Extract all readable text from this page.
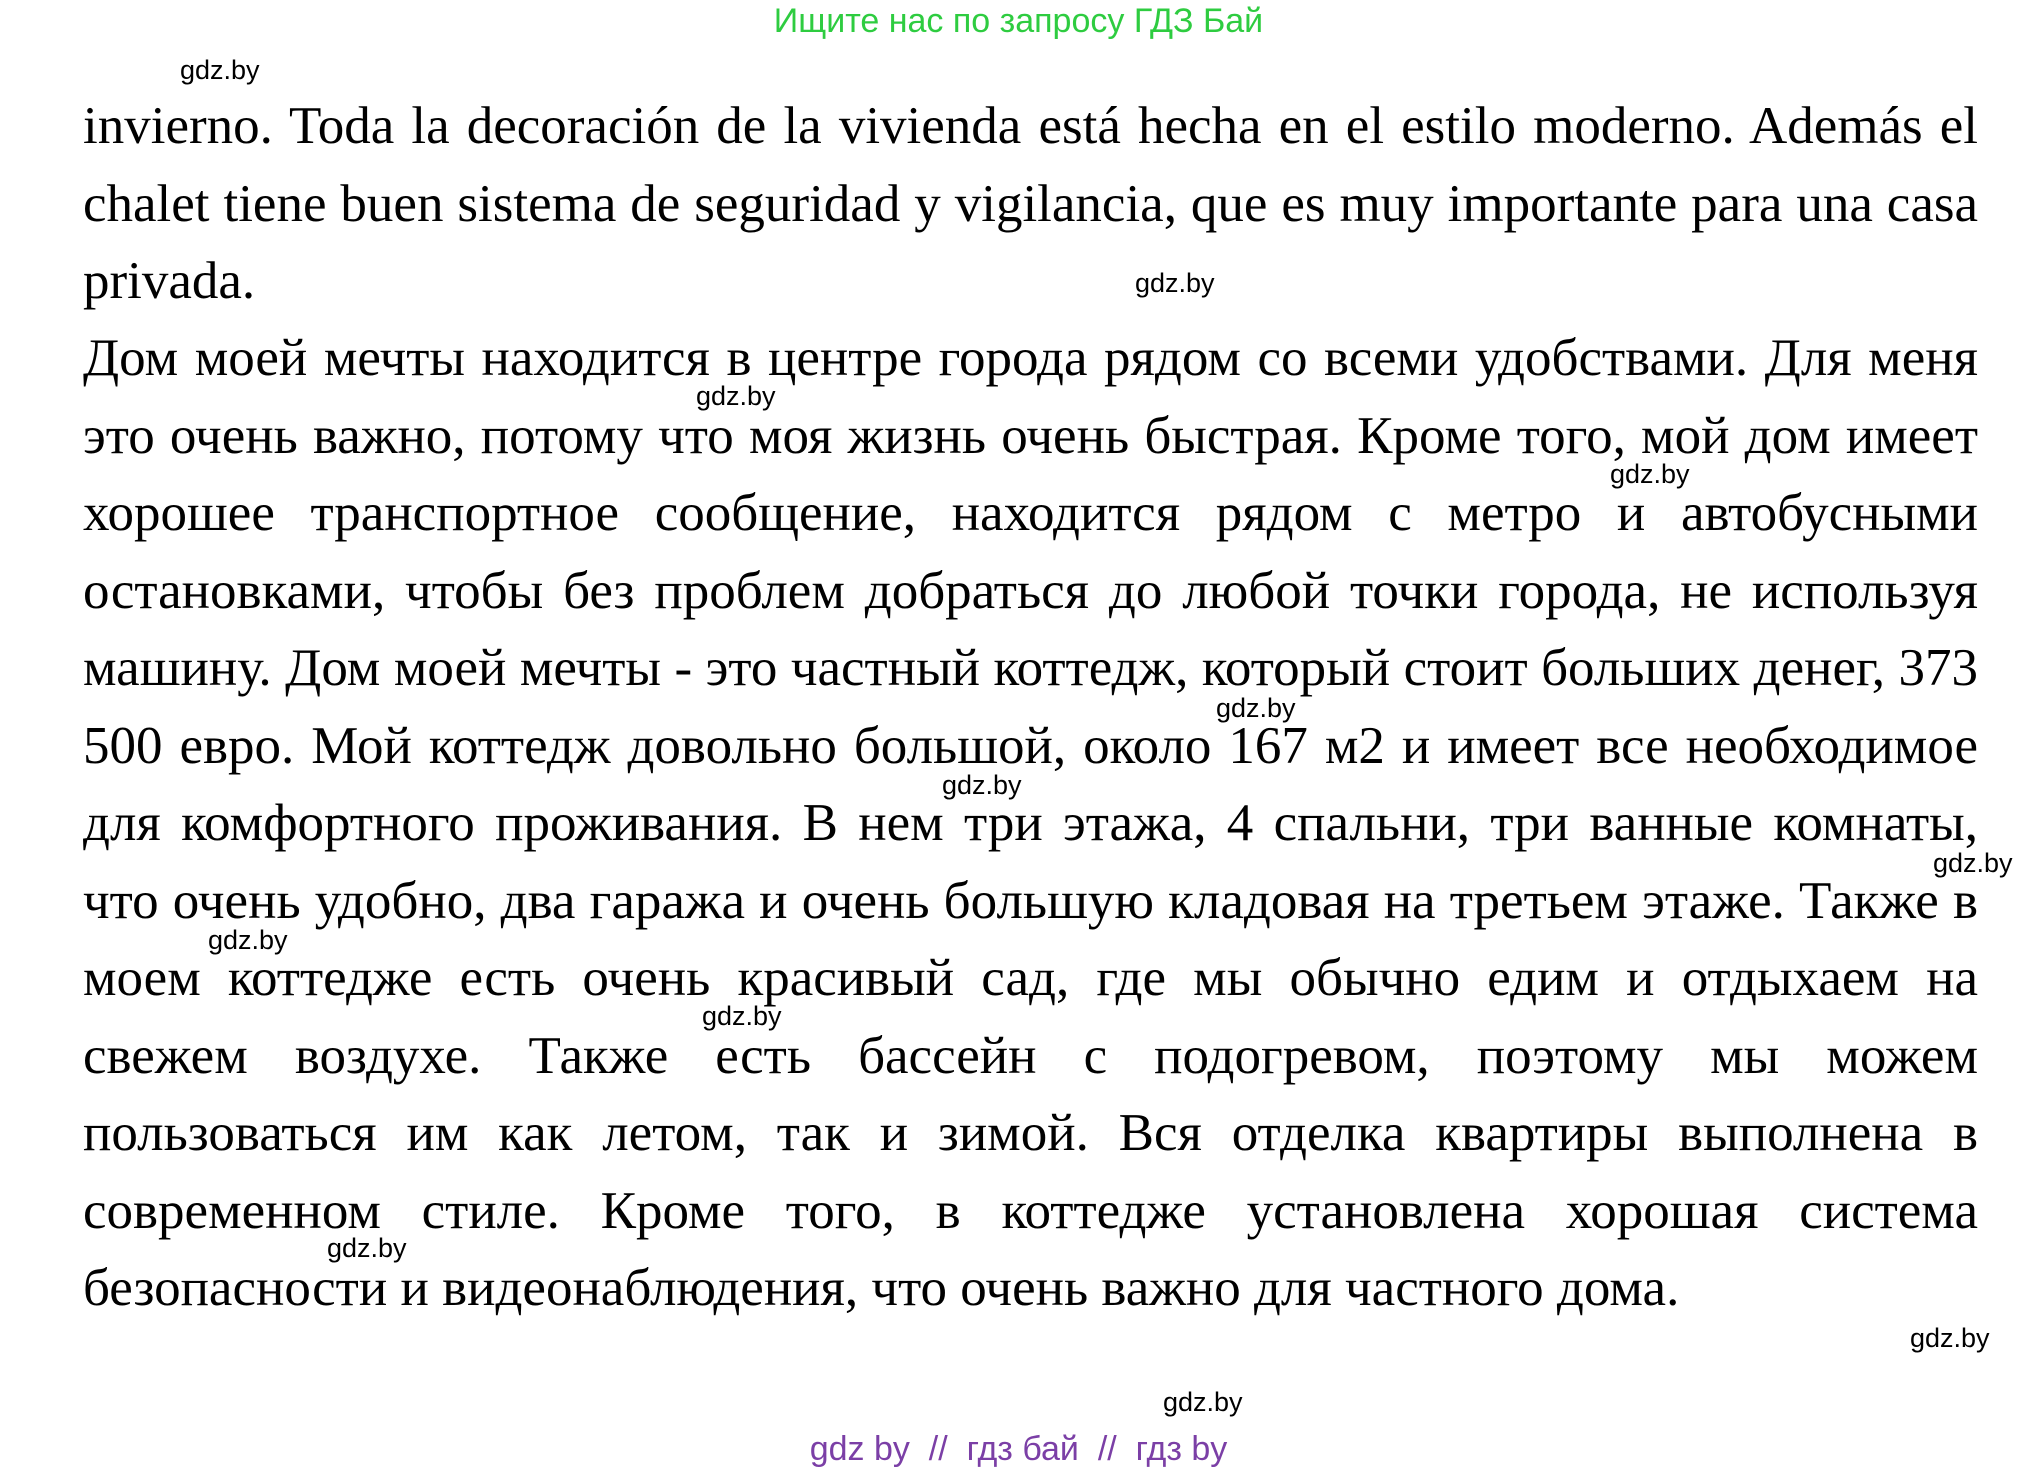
Ищите нас по запросу ГДЗ Бай

invierno. Toda la decoración de la vivienda está hecha en el estilo moderno. Además el chalet tiene buen sistema de seguridad y vigilancia, que es muy importante para una casa privada.

Дом моей мечты находится в центре города рядом со всеми удобствами. Для меня это очень важно, потому что моя жизнь очень быстрая. Кроме того, мой дом имеет хорошее транспортное сообщение, находится рядом с метро и автобусными остановками, чтобы без проблем добраться до любой точки города, не используя машину. Дом моей мечты - это частный коттедж, который стоит больших денег, 373 500 евро. Мой коттедж довольно большой, около 167 м2 и имеет все необходимое для комфортного проживания. В нем три этажа, 4 спальни, три ванные комнаты, что очень удобно, два гаража и очень большую кладовая на третьем этаже. Также в моем коттедже есть очень красивый сад, где мы обычно едим и отдыхаем на свежем воздухе. Также есть бассейн с подогревом, поэтому мы можем пользоваться им как летом, так и зимой. Вся отделка квартиры выполнена в современном стиле. Кроме того, в коттедже установлена хорошая система безопасности и видеонаблюдения, что очень важно для частного дома.

gdz.by
gdz.by
gdz.by
gdz.by
gdz.by
gdz.by
gdz.by
gdz.by
gdz.by
gdz.by
gdz.by
gdz.by
gdz by  //  гдз бай  //  гдз by
